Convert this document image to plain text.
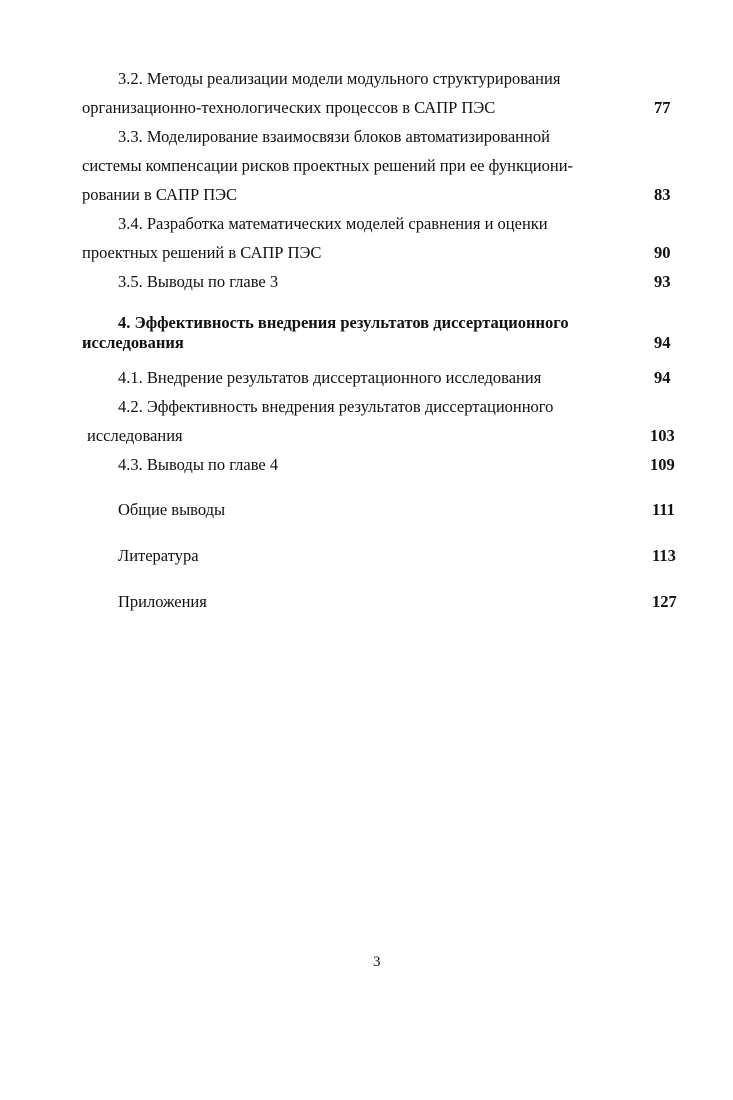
3.2. Методы реализации модели модульного структурирования
организационно-технологических процессов в САПР ПЭС	77
3.3. Моделирование взаимосвязи блоков автоматизированной
системы компенсации рисков проектных решений при ее функциони-
ровании в САПР ПЭС	83
3.4. Разработка математических моделей сравнения и оценки
проектных решений в САПР ПЭС	90
3.5. Выводы по главе 3	93
4. Эффективность внедрения результатов диссертационного
исследования	94
4.1. Внедрение результатов диссертационного исследования	94
4.2. Эффективность внедрения результатов диссертационного
исследования	103
4.3. Выводы по главе 4	109
Общие выводы	111
Литература	113
Приложения	127
3
